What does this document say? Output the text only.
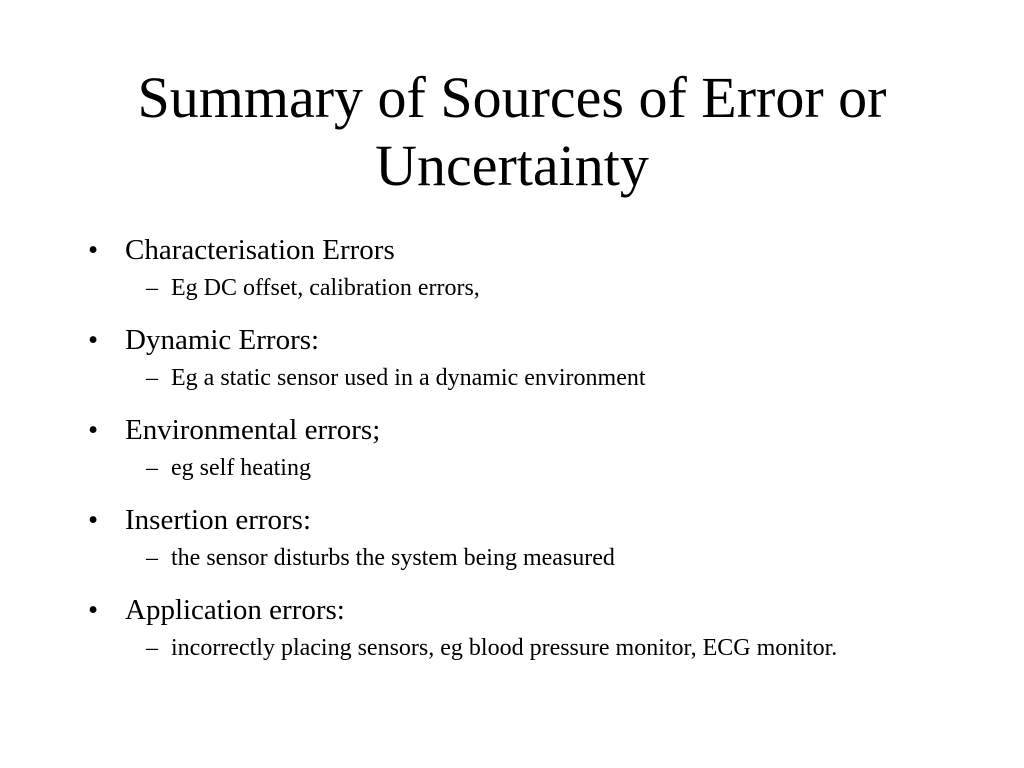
Summary of Sources of Error or
Uncertainty
• Characterisation Errors
– Eg DC offset, calibration errors,
• Dynamic Errors:
– Eg a static sensor used in a dynamic environment
• Environmental errors;
– eg self heating
• Insertion errors:
– the sensor disturbs the system being measured
• Application errors:
– incorrectly placing sensors, eg blood pressure monitor, ECG monitor.
